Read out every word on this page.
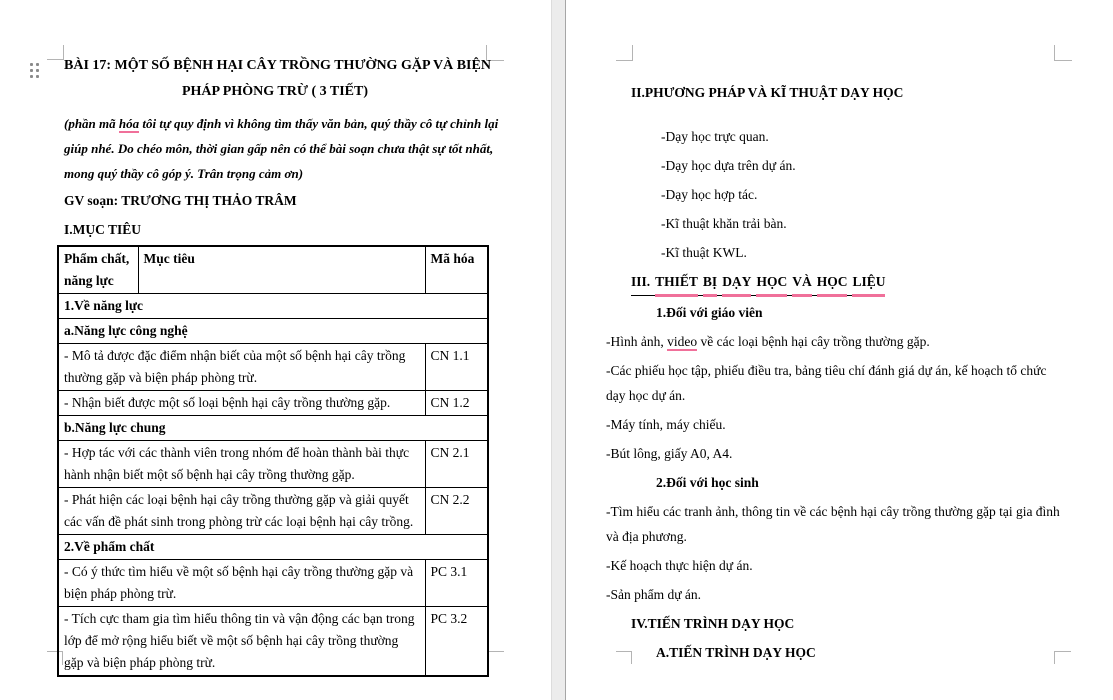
BÀI 17: MỘT SỐ BỆNH HẠI CÂY TRỒNG THƯỜNG GẶP VÀ BIỆN
PHÁP PHÒNG TRỪ ( 3 TIẾT)
(phần mã hóa tôi tự quy định vì không tìm thấy văn bản, quý thầy cô tự chỉnh lại
giúp nhé. Do chéo môn, thời gian gấp nên có thể bài soạn chưa thật sự tốt nhất,
mong quý thầy cô góp ý. Trân trọng cảm ơn)
GV soạn: TRƯƠNG THỊ THẢO TRÂM
I.MỤC TIÊU
Phẩm chất, năng lực	Mục tiêu	Mã hóa
1.Về năng lực		
a.Năng lực công nghệ		
- Mô tả được đặc điểm nhận biết của một số bệnh hại cây trồng thường gặp và biện pháp phòng trừ.		CN 1.1
- Nhận biết được một số loại bệnh hại cây trồng thường gặp.		CN 1.2
b.Năng lực chung		
- Hợp tác với các thành viên trong nhóm để hoàn thành bài thực hành nhận biết một số bệnh hại cây trồng thường gặp.		CN 2.1
- Phát hiện các loại bệnh hại cây trồng thường gặp và giải quyết các vấn đề phát sinh trong phòng trừ các loại bệnh hại cây trồng.		CN 2.2
2.Về phẩm chất		
- Có ý thức tìm hiểu về một số bệnh hại cây trồng thường gặp và biện pháp phòng trừ.		PC 3.1
- Tích cực tham gia tìm hiểu thông tin và vận động các bạn trong lớp để mở rộng hiểu biết về một số bệnh hại cây trồng thường gặp và biện pháp phòng trừ.		PC 3.2
II.PHƯƠNG PHÁP VÀ KĨ THUẬT DẠY HỌC
-Dạy học trực quan.
-Dạy học dựa trên dự án.
-Dạy học hợp tác.
-Kĩ thuật khăn trải bàn.
-Kĩ thuật KWL.
III. THIẾT BỊ DẠY HỌC VÀ HỌC LIỆU
1.Đối với giáo viên
-Hình ảnh, video về các loại bệnh hại cây trồng thường gặp.
-Các phiếu học tập, phiếu điều tra, bảng tiêu chí đánh giá dự án, kế hoạch tổ chức dạy học dự án.
-Máy tính, máy chiếu.
-Bút lông, giấy A0, A4.
2.Đối với học sinh
-Tìm hiểu các tranh ảnh, thông tin về các bệnh hại cây trồng thường gặp tại gia đình và địa phương.
-Kế hoạch thực hiện dự án.
-Sản phẩm dự án.
IV.TIẾN TRÌNH DẠY HỌC
A.TIẾN TRÌNH DẠY HỌC
